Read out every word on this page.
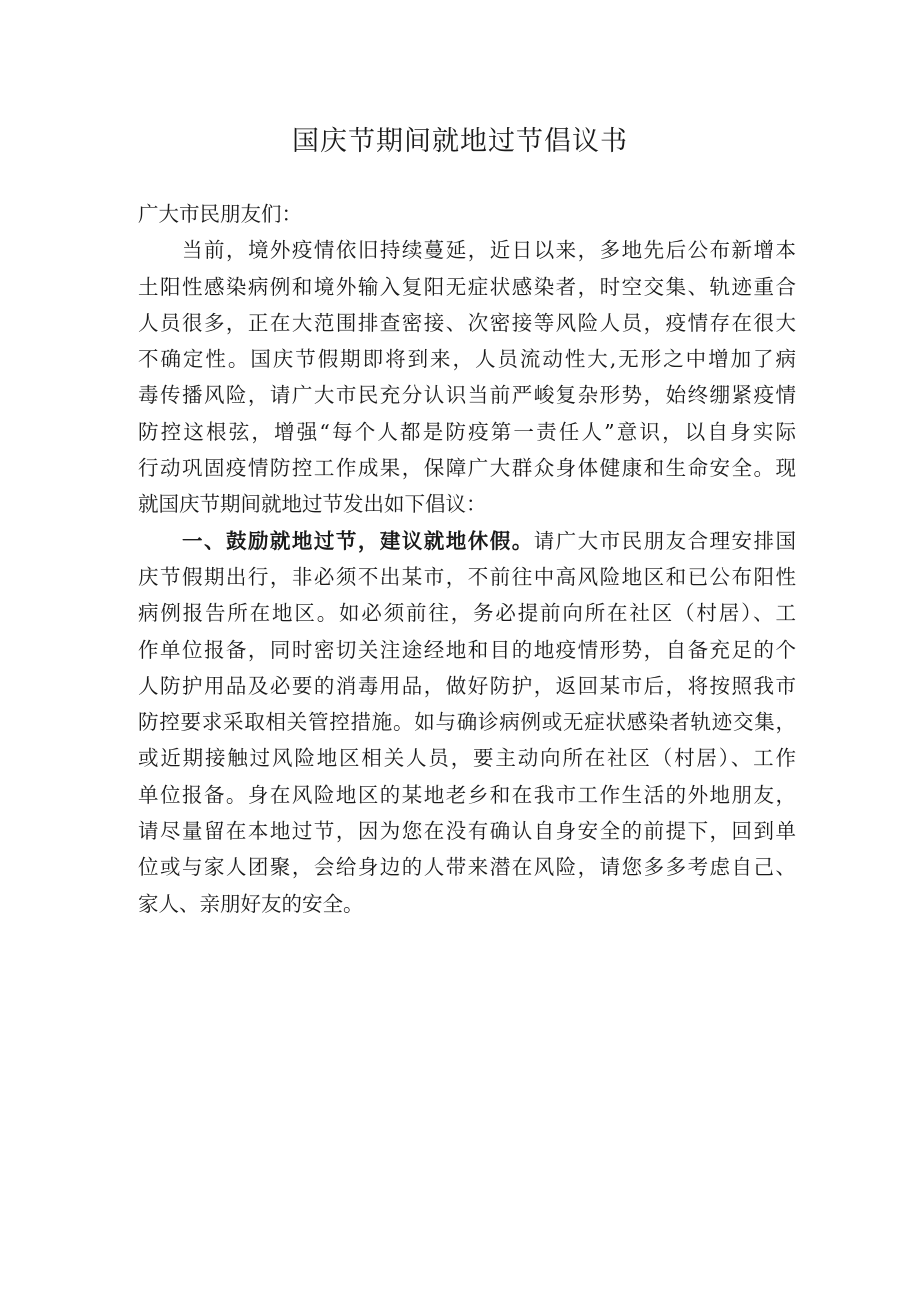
国庆节期间就地过节倡议书
广大市民朋友们：
当前，境外疫情依旧持续蔓延，近日以来，多地先后公布新增本
土阳性感染病例和境外输入复阳无症状感染者，时空交集、轨迹重合
人员很多，正在大范围排查密接、次密接等风险人员，疫情存在很大
不确定性。国庆节假期即将到来，人员流动性大,无形之中增加了病
毒传播风险，请广大市民充分认识当前严峻复杂形势，始终绷紧疫情
防控这根弦，增强“每个人都是防疫第一责任人”意识，以自身实际
行动巩固疫情防控工作成果，保障广大群众身体健康和生命安全。现
就国庆节期间就地过节发出如下倡议：
一、鼓励就地过节，建议就地休假。请广大市民朋友合理安排国
庆节假期出行，非必须不出某市，不前往中高风险地区和已公布阳性
病例报告所在地区。如必须前往，务必提前向所在社区（村居）、工
作单位报备，同时密切关注途经地和目的地疫情形势，自备充足的个
人防护用品及必要的消毒用品，做好防护，返回某市后，将按照我市
防控要求采取相关管控措施。如与确诊病例或无症状感染者轨迹交集，
或近期接触过风险地区相关人员，要主动向所在社区（村居）、工作
单位报备。身在风险地区的某地老乡和在我市工作生活的外地朋友，
请尽量留在本地过节，因为您在没有确认自身安全的前提下，回到单
位或与家人团聚，会给身边的人带来潜在风险，请您多多考虑自己、
家人、亲朋好友的安全。
